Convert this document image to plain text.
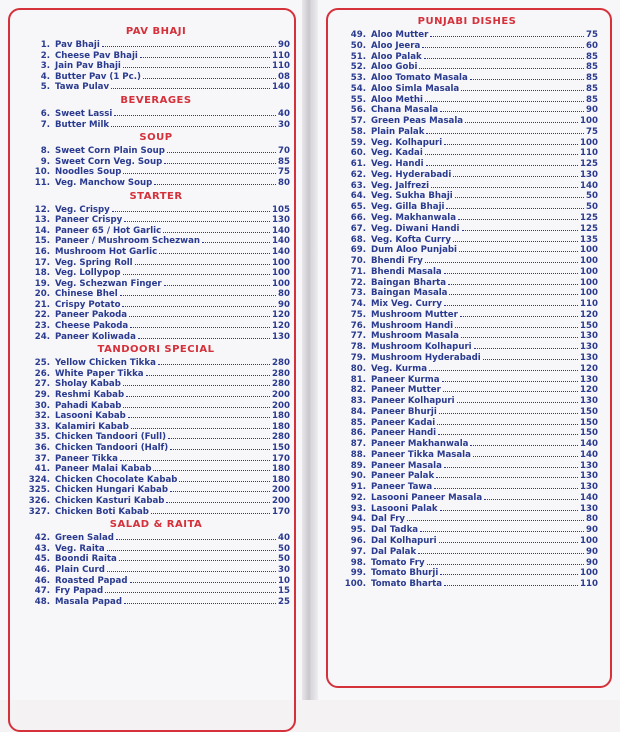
PAV BHAJI
1. Pav Bhaji	90
2. Cheese Pav Bhaji	110
3. Jain Pav Bhaji	110
4. Butter Pav (1 Pc.)	08
5. Tawa Pulav	140
BEVERAGES
6. Sweet Lassi	40
7. Butter Milk	30
SOUP
8. Sweet Corn Plain Soup	70
9. Sweet Corn Veg. Soup	85
10. Noodles Soup	75
11. Veg. Manchow Soup	80
STARTER
12. Veg. Crispy	105
13. Paneer Crispy	130
14. Paneer 65 / Hot Garlic	140
15. Paneer / Mushroom Schezwan	140
16. Mushroom Hot Garlic	140
17. Veg. Spring Roll	100
18. Veg. Lollypop	100
19. Veg. Schezwan Finger	100
20. Chinese Bhel	80
21. Crispy Potato	90
22. Paneer Pakoda	120
23. Cheese Pakoda	120
24. Paneer Koliwada	130
TANDOORI SPECIAL
25. Yellow Chicken Tikka	280
26. White Paper Tikka	280
27. Sholay Kabab	280
29. Reshmi Kabab	200
30. Pahadi Kabab	200
32. Lasooni Kabab	180
33. Kalamiri Kabab	180
35. Chicken Tandoori (Full)	280
36. Chicken Tandoori (Half)	150
37. Paneer Tikka	170
41. Paneer Malai Kabab	180
324. Chicken Chocolate Kabab	180
325. Chicken Hungari Kabab	200
326. Chicken Kasturi Kabab	200
327. Chicken Boti Kabab	170
SALAD & RAITA
42. Green Salad	40
43. Veg. Raita	50
45. Boondi Raita	50
46. Plain Curd	30
46. Roasted Papad	10
47. Fry Papad	15
48. Masala Papad	25
PUNJABI DISHES
49. Aloo Mutter	75
50. Aloo Jeera	60
51. Aloo Palak	85
52. Aloo Gobi	85
53. Aloo Tomato Masala	85
54. Aloo Simla Masala	85
55. Aloo Methi	85
56. Chana Masala	90
57. Green Peas Masala	100
58. Plain Palak	75
59. Veg. Kolhapuri	100
60. Veg. Kadai	110
61. Veg. Handi	125
62. Veg. Hyderabadi	130
63. Veg. Jalfrezi	140
64. Veg. Sukha Bhaji	50
65. Veg. Gilla Bhaji	50
66. Veg. Makhanwala	125
67. Veg. Diwani Handi	125
68. Veg. Kofta Curry	135
69. Dum Aloo Punjabi	100
70. Bhendi Fry	100
71. Bhendi Masala	100
72. Baingan Bharta	100
73. Baingan Masala	100
74. Mix Veg. Curry	110
75. Mushroom Mutter	120
76. Mushroom Handi	150
77. Mushroom Masala	130
78. Mushroom Kolhapuri	130
79. Mushroom Hyderabadi	130
80. Veg. Kurma	120
81. Paneer Kurma	130
82. Paneer Mutter	120
83. Paneer Kolhapuri	130
84. Paneer Bhurji	150
85. Paneer Kadai	150
86. Paneer Handi	150
87. Paneer Makhanwala	140
88. Paneer Tikka Masala	140
89. Paneer Masala	130
90. Paneer Palak	130
91. Paneer Tawa	130
92. Lasooni Paneer Masala	140
93. Lasooni Palak	130
94. Dal Fry	80
95. Dal Tadka	90
96. Dal Kolhapuri	100
97. Dal Palak	90
98. Tomato Fry	90
99. Tomato Bhurji	100
100. Tomato Bharta	110
